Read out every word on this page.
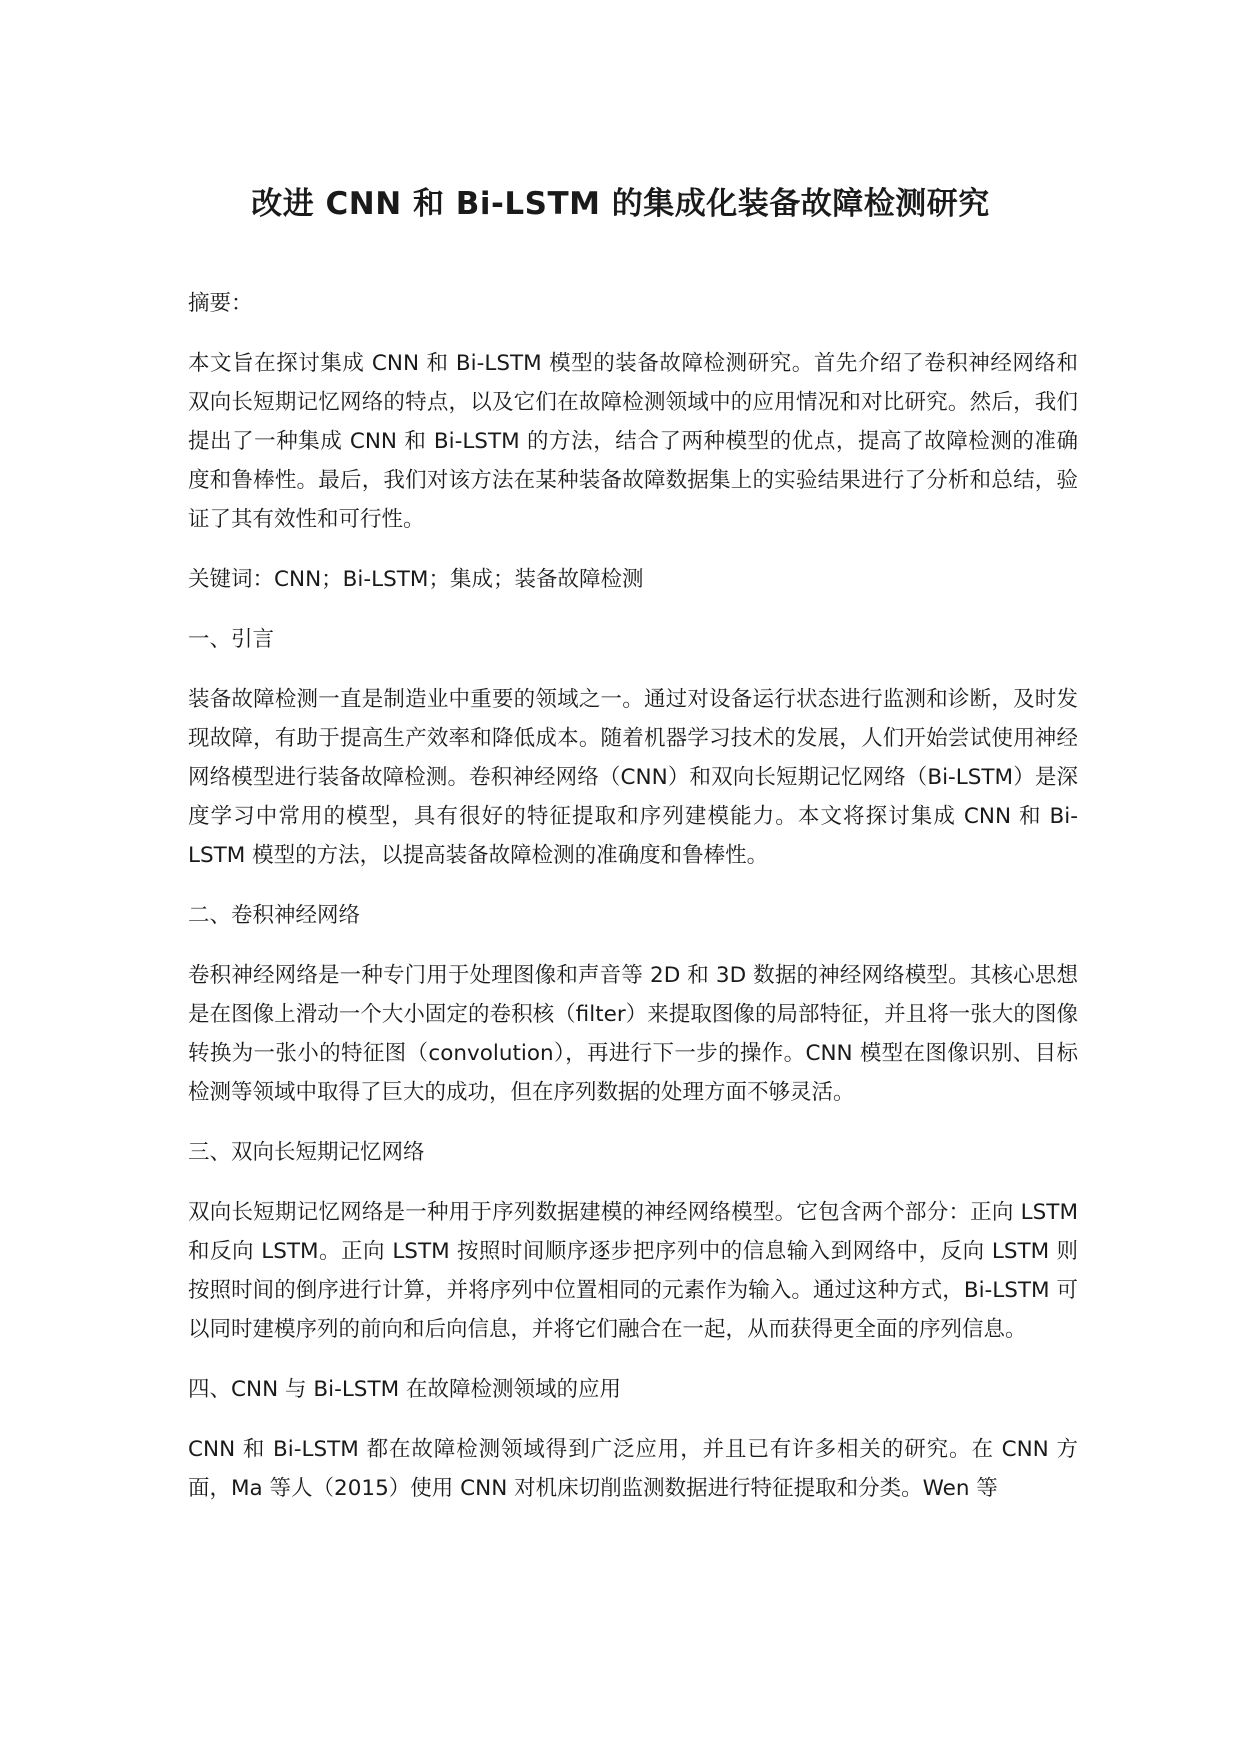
改进 CNN 和 Bi-LSTM 的集成化装备故障检测研究

摘要：

本文旨在探讨集成 CNN 和 Bi-LSTM 模型的装备故障检测研究。首先介绍了卷积神经网络和双向长短期记忆网络的特点，以及它们在故障检测领域中的应用情况和对比研究。然后，我们提出了一种集成 CNN 和 Bi-LSTM 的方法，结合了两种模型的优点，提高了故障检测的准确度和鲁棒性。最后，我们对该方法在某种装备故障数据集上的实验结果进行了分析和总结，验证了其有效性和可行性。

关键词：CNN；Bi-LSTM；集成；装备故障检测

一、引言

装备故障检测一直是制造业中重要的领域之一。通过对设备运行状态进行监测和诊断，及时发现故障，有助于提高生产效率和降低成本。随着机器学习技术的发展，人们开始尝试使用神经网络模型进行装备故障检测。卷积神经网络（CNN）和双向长短期记忆网络（Bi-LSTM）是深度学习中常用的模型，具有很好的特征提取和序列建模能力。本文将探讨集成 CNN 和 Bi-LSTM 模型的方法，以提高装备故障检测的准确度和鲁棒性。

二、卷积神经网络

卷积神经网络是一种专门用于处理图像和声音等 2D 和 3D 数据的神经网络模型。其核心思想是在图像上滑动一个大小固定的卷积核（filter）来提取图像的局部特征，并且将一张大的图像转换为一张小的特征图（convolution），再进行下一步的操作。CNN 模型在图像识别、目标检测等领域中取得了巨大的成功，但在序列数据的处理方面不够灵活。

三、双向长短期记忆网络

双向长短期记忆网络是一种用于序列数据建模的神经网络模型。它包含两个部分：正向 LSTM 和反向 LSTM。正向 LSTM 按照时间顺序逐步把序列中的信息输入到网络中，反向 LSTM 则按照时间的倒序进行计算，并将序列中位置相同的元素作为输入。通过这种方式，Bi-LSTM 可以同时建模序列的前向和后向信息，并将它们融合在一起，从而获得更全面的序列信息。

四、CNN 与 Bi-LSTM 在故障检测领域的应用

CNN 和 Bi-LSTM 都在故障检测领域得到广泛应用，并且已有许多相关的研究。在 CNN 方面，Ma 等人（2015）使用 CNN 对机床切削监测数据进行特征提取和分类。Wen 等
